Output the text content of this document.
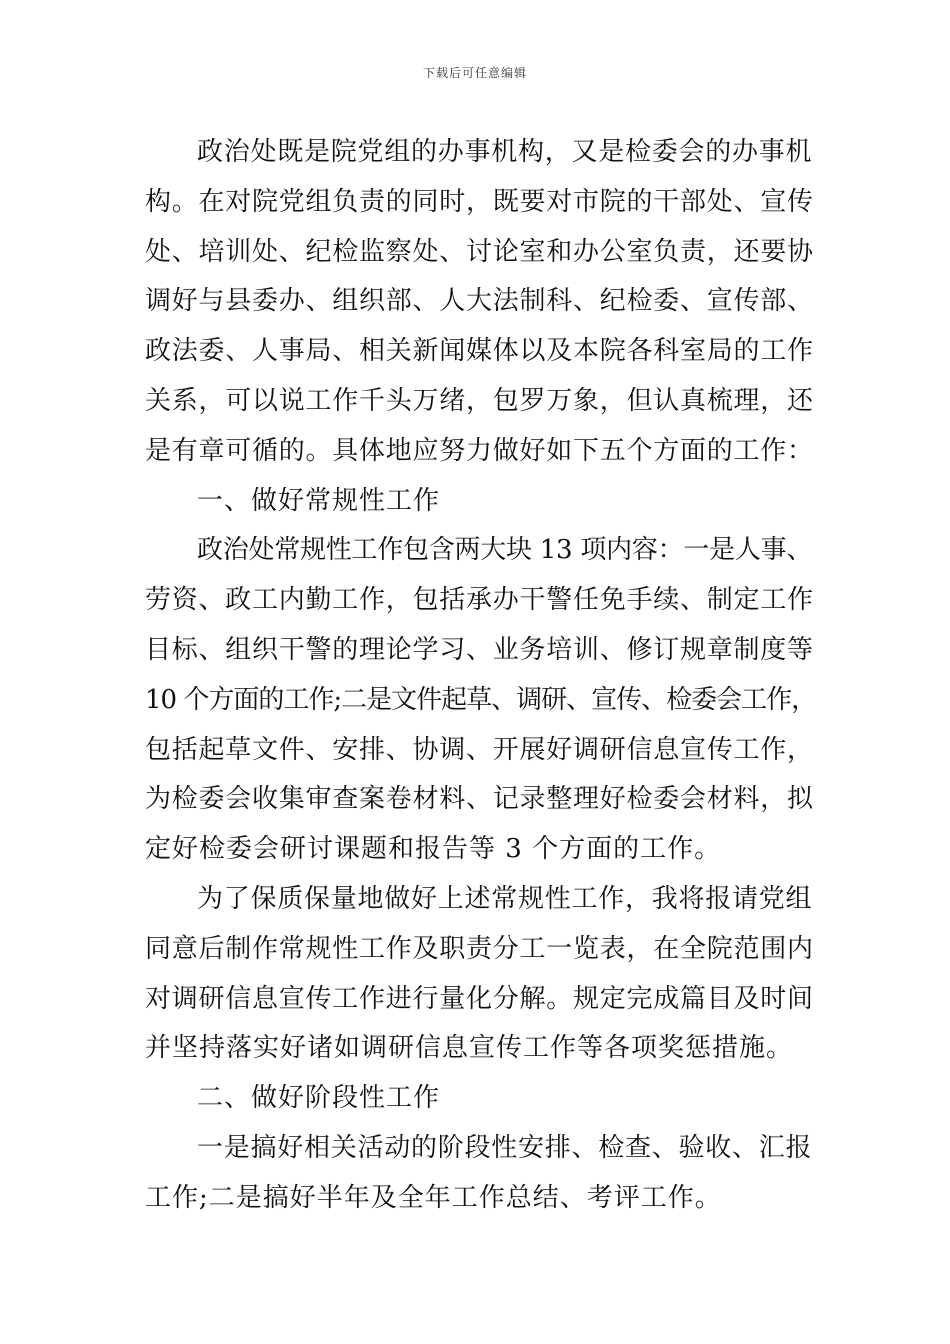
下载后可任意编辑
政治处既是院党组的办事机构，又是检委会的办事机
构。在对院党组负责的同时，既要对市院的干部处、宣传
处、培训处、纪检监察处、讨论室和办公室负责，还要协
调好与县委办、组织部、人大法制科、纪检委、宣传部、
政法委、人事局、相关新闻媒体以及本院各科室局的工作
关系，可以说工作千头万绪，包罗万象，但认真梳理，还
是有章可循的。具体地应努力做好如下五个方面的工作：
一、做好常规性工作
政治处常规性工作包含两大块 13 项内容：一是人事、
劳资、政工内勤工作，包括承办干警任免手续、制定工作
目标、组织干警的理论学习、业务培训、修订规章制度等
10 个方面的工作;二是文件起草、调研、宣传、检委会工作，
包括起草文件、安排、协调、开展好调研信息宣传工作，
为检委会收集审查案卷材料、记录整理好检委会材料，拟
定好检委会研讨课题和报告等 3 个方面的工作。
为了保质保量地做好上述常规性工作，我将报请党组
同意后制作常规性工作及职责分工一览表，在全院范围内
对调研信息宣传工作进行量化分解。规定完成篇目及时间
并坚持落实好诸如调研信息宣传工作等各项奖惩措施。
二、做好阶段性工作
一是搞好相关活动的阶段性安排、检查、验收、汇报
工作;二是搞好半年及全年工作总结、考评工作。
